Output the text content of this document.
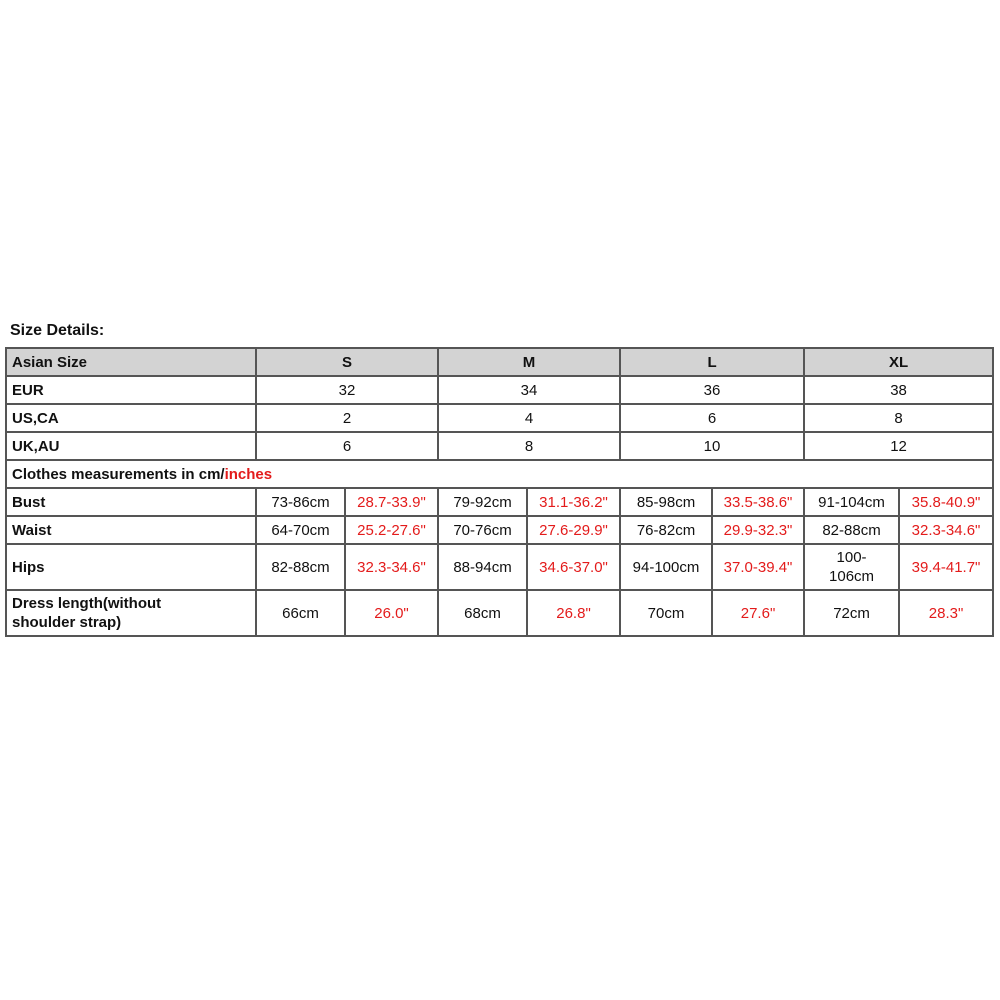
Size Details:
Asian Size	S		M		L		XL	
EUR	32		34		36		38	
US,CA	2		4		6		8	
UK,AU	6		8		10		12	
Clothes measurements in cm/inches								
Bust	73-86cm	28.7-33.9"	79-92cm	31.1-36.2"	85-98cm	33.5-38.6"	91-104cm	35.8-40.9"
Waist	64-70cm	25.2-27.6"	70-76cm	27.6-29.9"	76-82cm	29.9-32.3"	82-88cm	32.3-34.6"
Hips	82-88cm	32.3-34.6"	88-94cm	34.6-37.0"	94-100cm	37.0-39.4"	100-106cm	39.4-41.7"
Dress length(without shoulder strap)	66cm	26.0"	68cm	26.8"	70cm	27.6"	72cm	28.3"
